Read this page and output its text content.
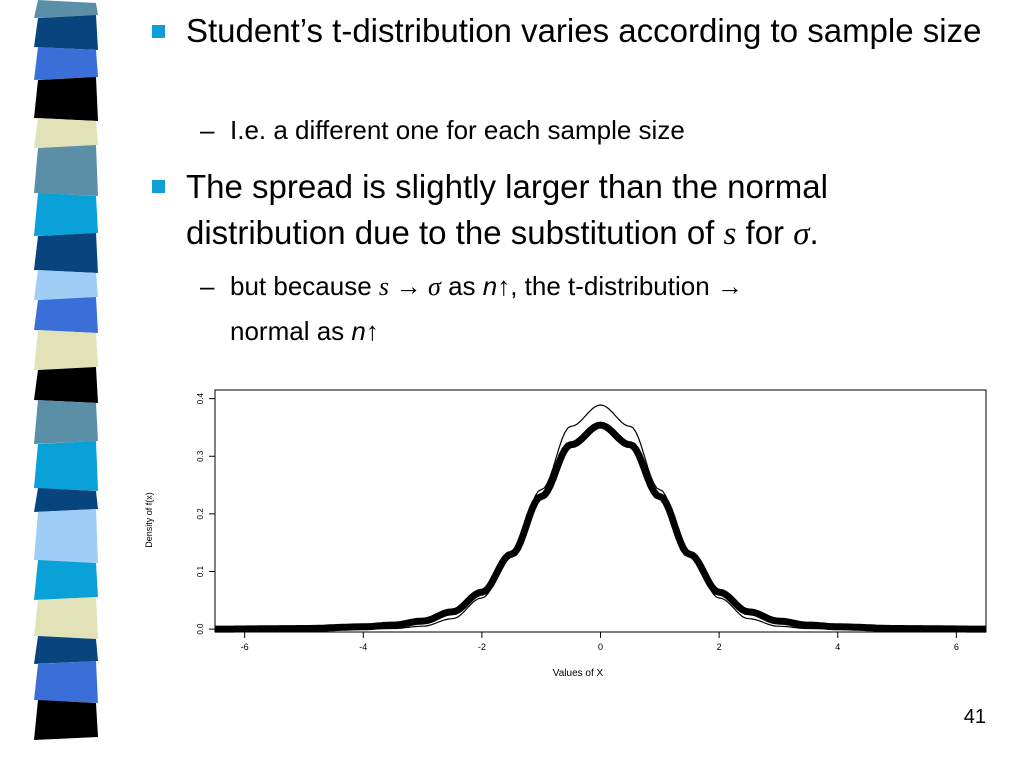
Student’s t-distribution varies according to sample size
– I.e. a different one for each sample size
The spread is slightly larger than the normal distribution due to the substitution of s for σ.
– but because s → σ as n↑, the t-distribution →
normal as n↑
-6	-4	-2	0	2	4	6
0.0
0.1
0.2
0.3
0.4
Density of f(x)
Values of X
41
